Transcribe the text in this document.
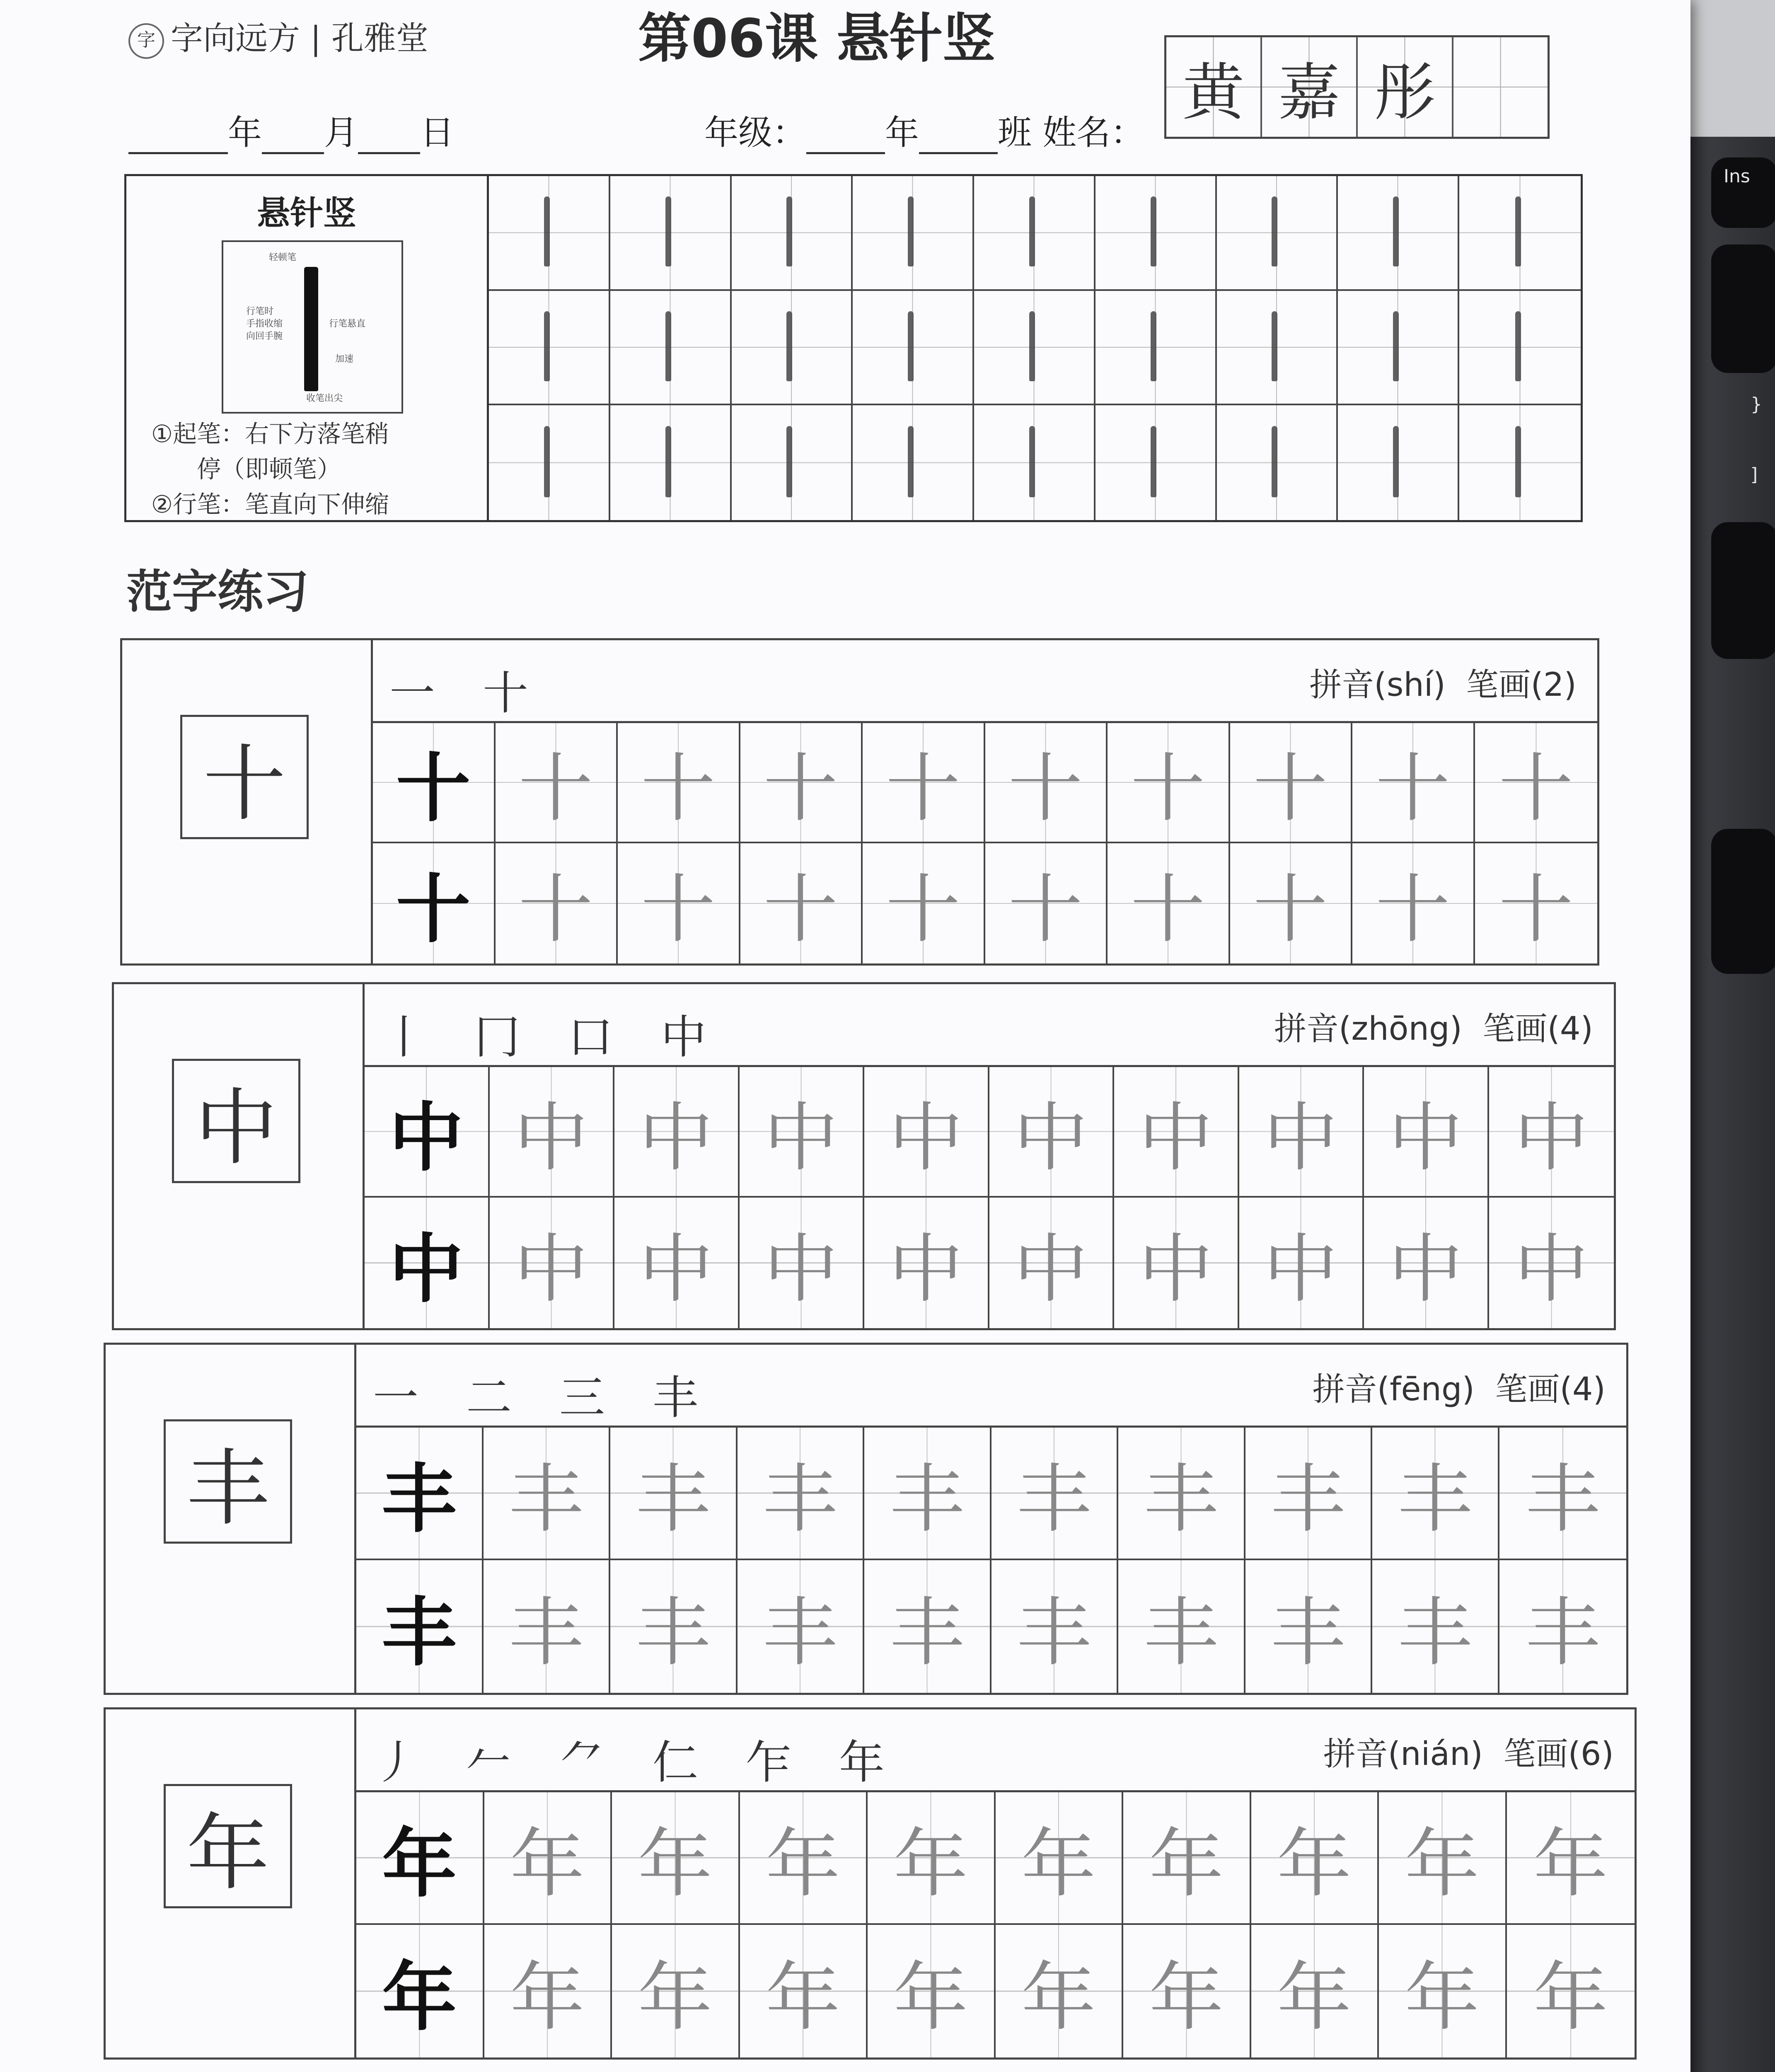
Ins
}
]
字 字向远方 | 孔雅堂	第06课 悬针竖
年 月 日	年级： 年 班 姓名：
黄 嘉 彤
悬针竖
轻顿笔
行笔时
手指收缩
向回手腕
行笔悬直
加速
收笔出尖
①起笔：右下方落笔稍
停（即顿笔）
②行笔：笔直向下伸缩
范字练习
十
一 十	拼音(shí) 笔画(2)
十 十 十 十 十 十 十 十 十 十
十 十 十 十 十 十 十 十 十 十
中
丨 冂 口 中	拼音(zhōng) 笔画(4)
中 中 中 中 中 中 中 中 中 中
中 中 中 中 中 中 中 中 中 中
丰
一 二 三 丰	拼音(fēng) 笔画(4)
丰 丰 丰 丰 丰 丰 丰 丰 丰 丰
丰 丰 丰 丰 丰 丰 丰 丰 丰 丰
年
丿 𠂉 ⺈ 仁 乍 年	拼音(nián) 笔画(6)
年 年 年 年 年 年 年 年 年 年
年 年 年 年 年 年 年 年 年 年
